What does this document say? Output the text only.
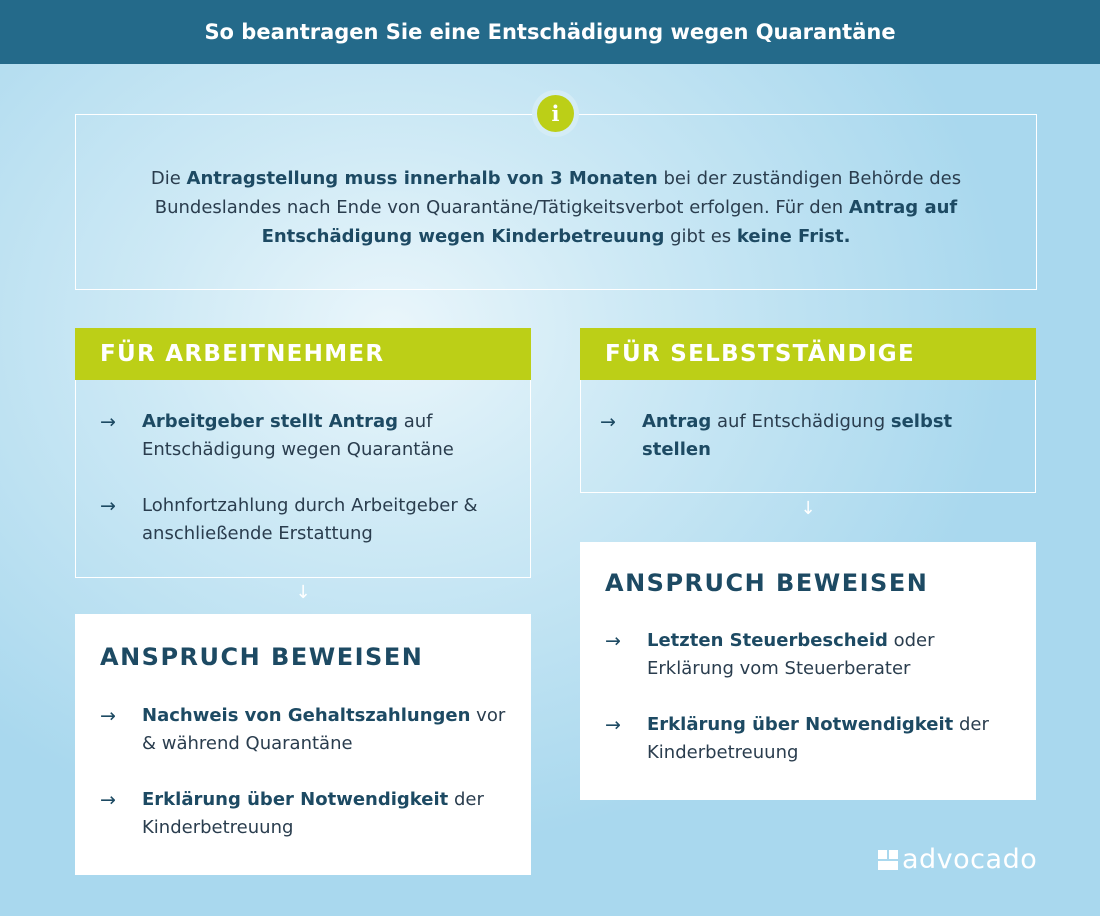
So beantragen Sie eine Entschädigung wegen Quarantäne

Die Antragstellung muss innerhalb von 3 Monaten bei der zuständigen Behörde des Bundeslandes nach Ende von Quarantäne/Tätigkeitsverbot erfolgen. Für den Antrag auf Entschädigung wegen Kinderbetreuung gibt es keine Frist.

i
FÜR ARBEITNEHMER
→ Arbeitgeber stellt Antrag auf Entschädigung wegen Quarantäne
→ Lohnfortzahlung durch Arbeitgeber & anschließende Erstattung
↓
ANSPRUCH BEWEISEN
→ Nachweis von Gehaltszahlungen vor & während Quarantäne
→ Erklärung über Notwendigkeit der Kinderbetreuung
FÜR SELBSTSTÄNDIGE
→ Antrag auf Entschädigung selbst stellen
↓
ANSPRUCH BEWEISEN
→ Letzten Steuerbescheid oder Erklärung vom Steuerberater
→ Erklärung über Notwendigkeit der Kinderbetreuung
advocado
